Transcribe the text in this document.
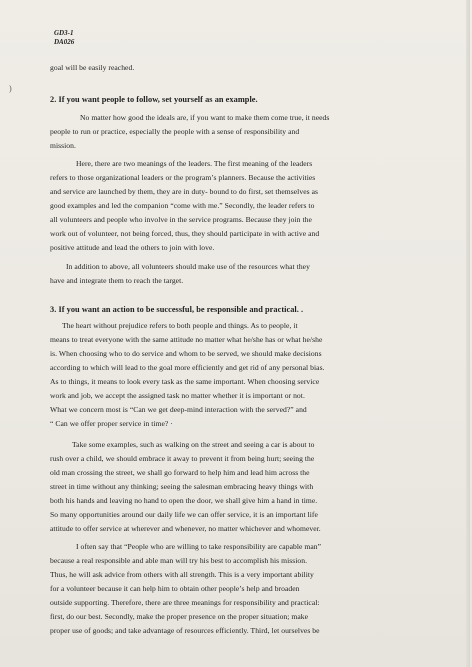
GD3-1
DA026
)
goal will be easily reached.
2. If you want people to follow, set yourself as an example.
No matter how good the ideals are, if you want to make them come true, it needs
people to run or practice, especially the people with a sense of responsibility and
mission.
Here, there are two meanings of the leaders. The first meaning of the leaders
refers to those organizational leaders or the program’s planners. Because the activities
and service are launched by them, they are in duty- bound to do first, set themselves as
good examples and led the companion “come with me.” Secondly, the leader refers to
all volunteers and people who involve in the service programs. Because they join the
work out of volunteer, not being forced, thus, they should participate in with active and
positive attitude and lead the others to join with love.
In addition to above, all volunteers should make use of the resources what they
have and integrate them to reach the target.
3. If you want an action to be successful, be responsible and practical. .
The heart without prejudice refers to both people and things. As to people, it
means to treat everyone with the same attitude no matter what he/she has or what he/she
is. When choosing who to do service and whom to be served, we should make decisions
according to which will lead to the goal more efficiently and get rid of any personal bias.
As to things, it means to look every task as the same important. When choosing service
work and job, we accept the assigned task no matter whether it is important or not.
What we concern most is “Can we get deep-mind interaction with the served?” and
“ Can we offer proper service in time? ·
Take some examples, such as walking on the street and seeing a car is about to
rush over a child, we should embrace it away to prevent it from being hurt; seeing the
old man crossing the street, we shall go forward to help him and lead him across the
street in time without any thinking; seeing the salesman embracing heavy things with
both his hands and leaving no hand to open the door, we shall give him a hand in time.
So many opportunities around our daily life we can offer service, it is an important life
attitude to offer service at wherever and whenever, no matter whichever and whomever.
I often say that “People who are willing to take responsibility are capable man”
because a real responsible and able man will try his best to accomplish his mission.
Thus, he will ask advice from others with all strength. This is a very important ability
for a volunteer because it can help him to obtain other people’s help and broaden
outside supporting. Therefore, there are three meanings for responsibility and practical:
first, do our best. Secondly, make the proper presence on the proper situation; make
proper use of goods; and take advantage of resources efficiently. Third, let ourselves be
